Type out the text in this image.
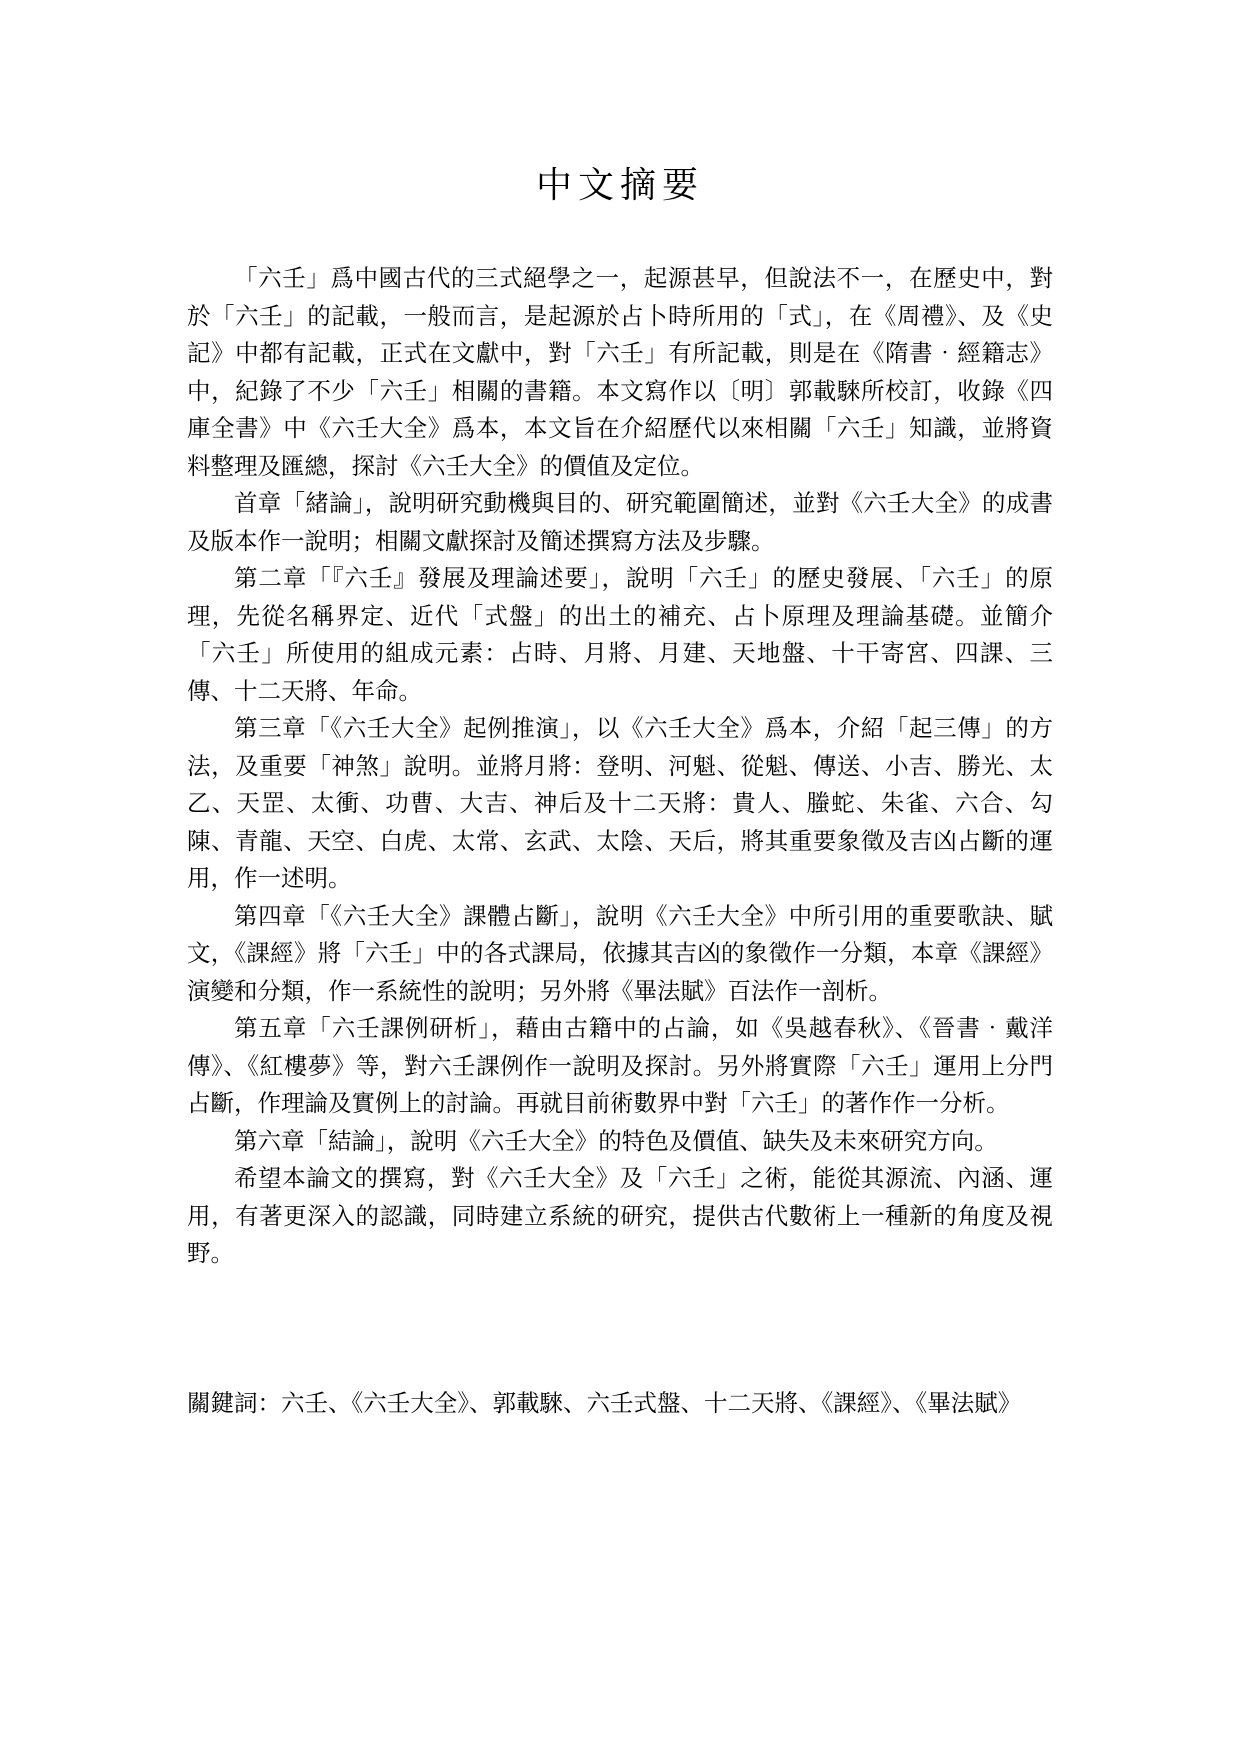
中文摘要

「六壬」爲中國古代的三式絕學之一，起源甚早，但說法不一，在歷史中，對於「六壬」的記載，一般而言，是起源於占卜時所用的「式」，在《周禮》、及《史記》中都有記載，正式在文獻中，對「六壬」有所記載，則是在《隋書‧經籍志》中，紀錄了不少「六壬」相關的書籍。本文寫作以〔明〕郭載騋所校訂，收錄《四庫全書》中《六壬大全》爲本，本文旨在介紹歷代以來相關「六壬」知識，並將資料整理及匯總，探討《六壬大全》的價值及定位。

首章「緒論」，說明研究動機與目的、研究範圍簡述，並對《六壬大全》的成書及版本作一說明；相關文獻探討及簡述撰寫方法及步驟。

第二章「『六壬』發展及理論述要」，說明「六壬」的歷史發展、「六壬」的原理，先從名稱界定、近代「式盤」的出土的補充、占卜原理及理論基礎。並簡介「六壬」所使用的組成元素：占時、月將、月建、天地盤、十干寄宮、四課、三傳、十二天將、年命。

第三章「《六壬大全》起例推演」，以《六壬大全》爲本，介紹「起三傳」的方法，及重要「神煞」說明。並將月將：登明、河魁、從魁、傳送、小吉、勝光、太乙、天罡、太衝、功曹、大吉、神后及十二天將：貴人、螣蛇、朱雀、六合、勾陳、青龍、天空、白虎、太常、玄武、太陰、天后，將其重要象徵及吉凶占斷的運用，作一述明。

第四章「《六壬大全》課體占斷」，說明《六壬大全》中所引用的重要歌訣、賦文，《課經》將「六壬」中的各式課局，依據其吉凶的象徵作一分類，本章《課經》演變和分類，作一系統性的說明；另外將《畢法賦》百法作一剖析。

第五章「六壬課例研析」，藉由古籍中的占論，如《吳越春秋》、《晉書‧戴洋傳》、《紅樓夢》等，對六壬課例作一說明及探討。另外將實際「六壬」運用上分門占斷，作理論及實例上的討論。再就目前術數界中對「六壬」的著作作一分析。

第六章「結論」，說明《六壬大全》的特色及價值、缺失及未來研究方向。

希望本論文的撰寫，對《六壬大全》及「六壬」之術，能從其源流、內涵、運用，有著更深入的認識，同時建立系統的研究，提供古代數術上一種新的角度及視野。

關鍵詞：六壬、《六壬大全》、郭載騋、六壬式盤、十二天將、《課經》、《畢法賦》
